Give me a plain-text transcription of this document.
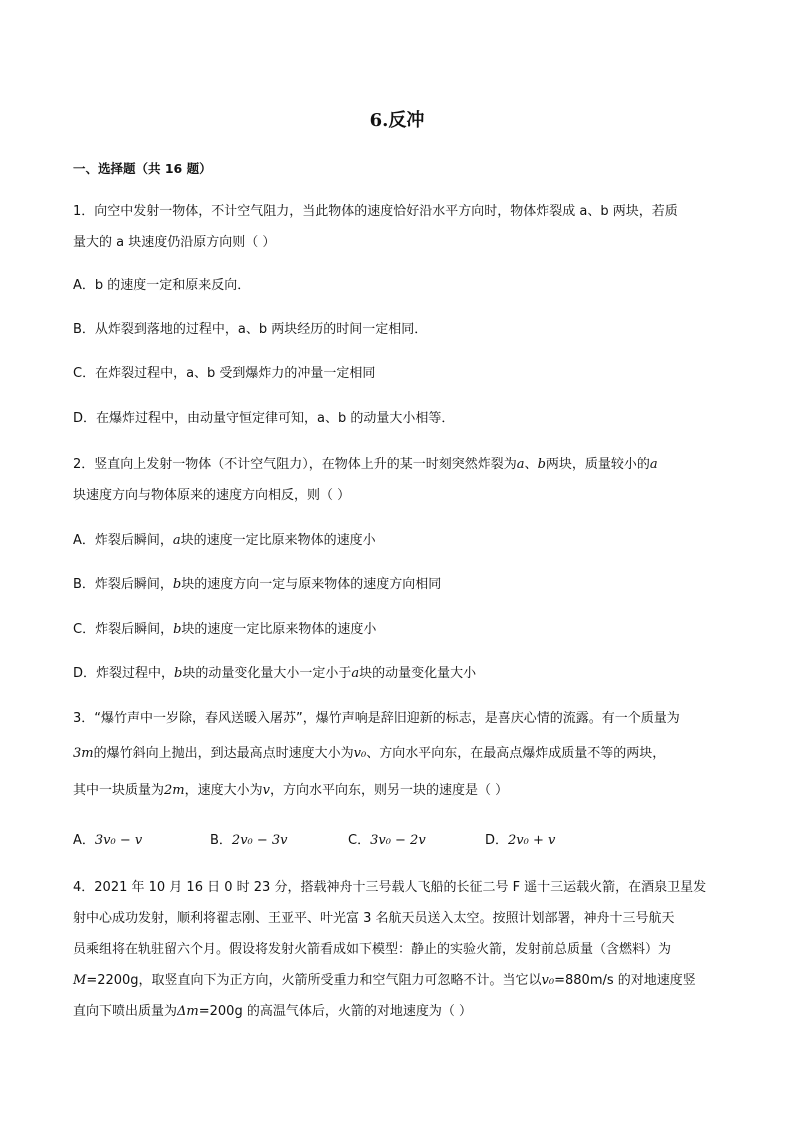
6.反冲
一、选择题（共 16 题）
1．向空中发射一物体，不计空气阻力，当此物体的速度恰好沿水平方向时，物体炸裂成 a、b 两块，若质
量大的 a 块速度仍沿原方向则（ ）
A．b 的速度一定和原来反向．
B．从炸裂到落地的过程中，a、b 两块经历的时间一定相同．
C．在炸裂过程中，a、b 受到爆炸力的冲量一定相同
D．在爆炸过程中，由动量守恒定律可知，a、b 的动量大小相等．
2．竖直向上发射一物体（不计空气阻力），在物体上升的某一时刻突然炸裂为a、b两块，质量较小的a
块速度方向与物体原来的速度方向相反，则（ ）
A．炸裂后瞬间，a块的速度一定比原来物体的速度小
B．炸裂后瞬间，b块的速度方向一定与原来物体的速度方向相同
C．炸裂后瞬间，b块的速度一定比原来物体的速度小
D．炸裂过程中，b块的动量变化量大小一定小于a块的动量变化量大小
3．“爆竹声中一岁除，春风送暖入屠苏”，爆竹声响是辞旧迎新的标志，是喜庆心情的流露。有一个质量为
3m的爆竹斜向上抛出，到达最高点时速度大小为v₀、方向水平向东，在最高点爆炸成质量不等的两块，
其中一块质量为2m，速度大小为v，方向水平向东，则另一块的速度是（ ）
A．3v₀ − v	B．2v₀ − 3v	C．3v₀ − 2v	D．2v₀ + v
4．2021 年 10 月 16 日 0 时 23 分，搭载神舟十三号载人飞船的长征二号 F 遥十三运载火箭，在酒泉卫星发
射中心成功发射，顺利将翟志刚、王亚平、叶光富 3 名航天员送入太空。按照计划部署，神舟十三号航天
员乘组将在轨驻留六个月。假设将发射火箭看成如下模型：静止的实验火箭，发射前总质量（含燃料）为
M=2200g，取竖直向下为正方向，火箭所受重力和空气阻力可忽略不计。当它以v₀=880m/s 的对地速度竖
直向下喷出质量为Δm=200g 的高温气体后，火箭的对地速度为（ ）
